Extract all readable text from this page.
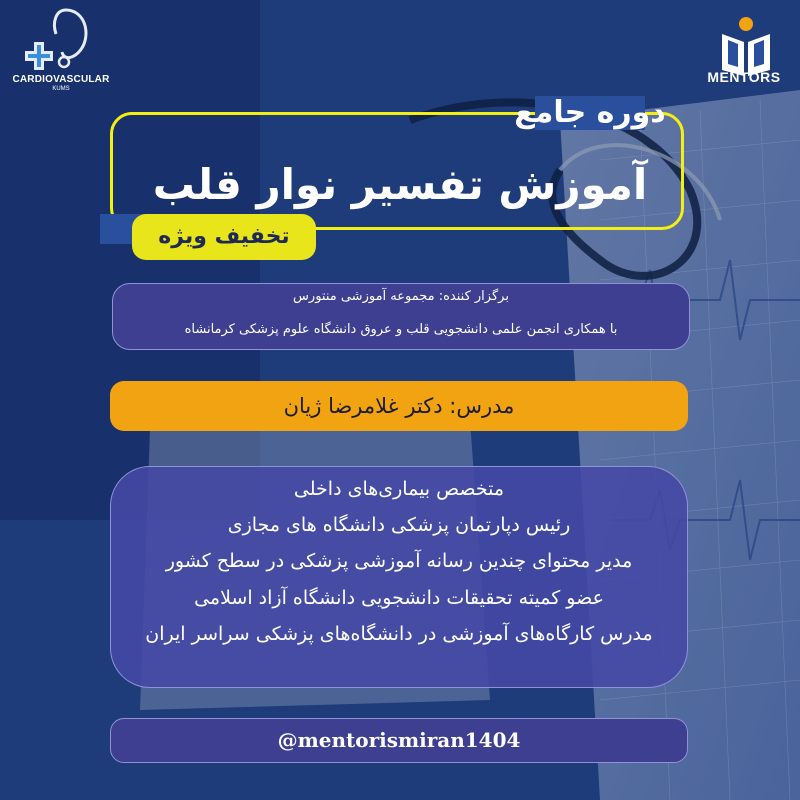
CARDIOVASCULAR
KUMS
MENTORS
دوره جامع
آموزش تفسیر نوار قلب
تخفیف ویژه
برگزار کننده: مجموعه آموزشی منتورس
با همکاری انجمن علمی دانشجویی قلب و عروق دانشگاه علوم پزشکی کرمانشاه
مدرس: دکتر غلامرضا ژیان
متخصص بیماری‌های داخلی
رئیس دپارتمان پزشکی دانشگاه های مجازی
مدیر محتوای چندین رسانه آموزشی پزشکی در سطح کشور
عضو کمیته تحقیقات دانشجویی دانشگاه آزاد اسلامی
مدرس کارگاه‌های آموزشی در دانشگاه‌های پزشکی سراسر ایران
@mentorismiran1404
